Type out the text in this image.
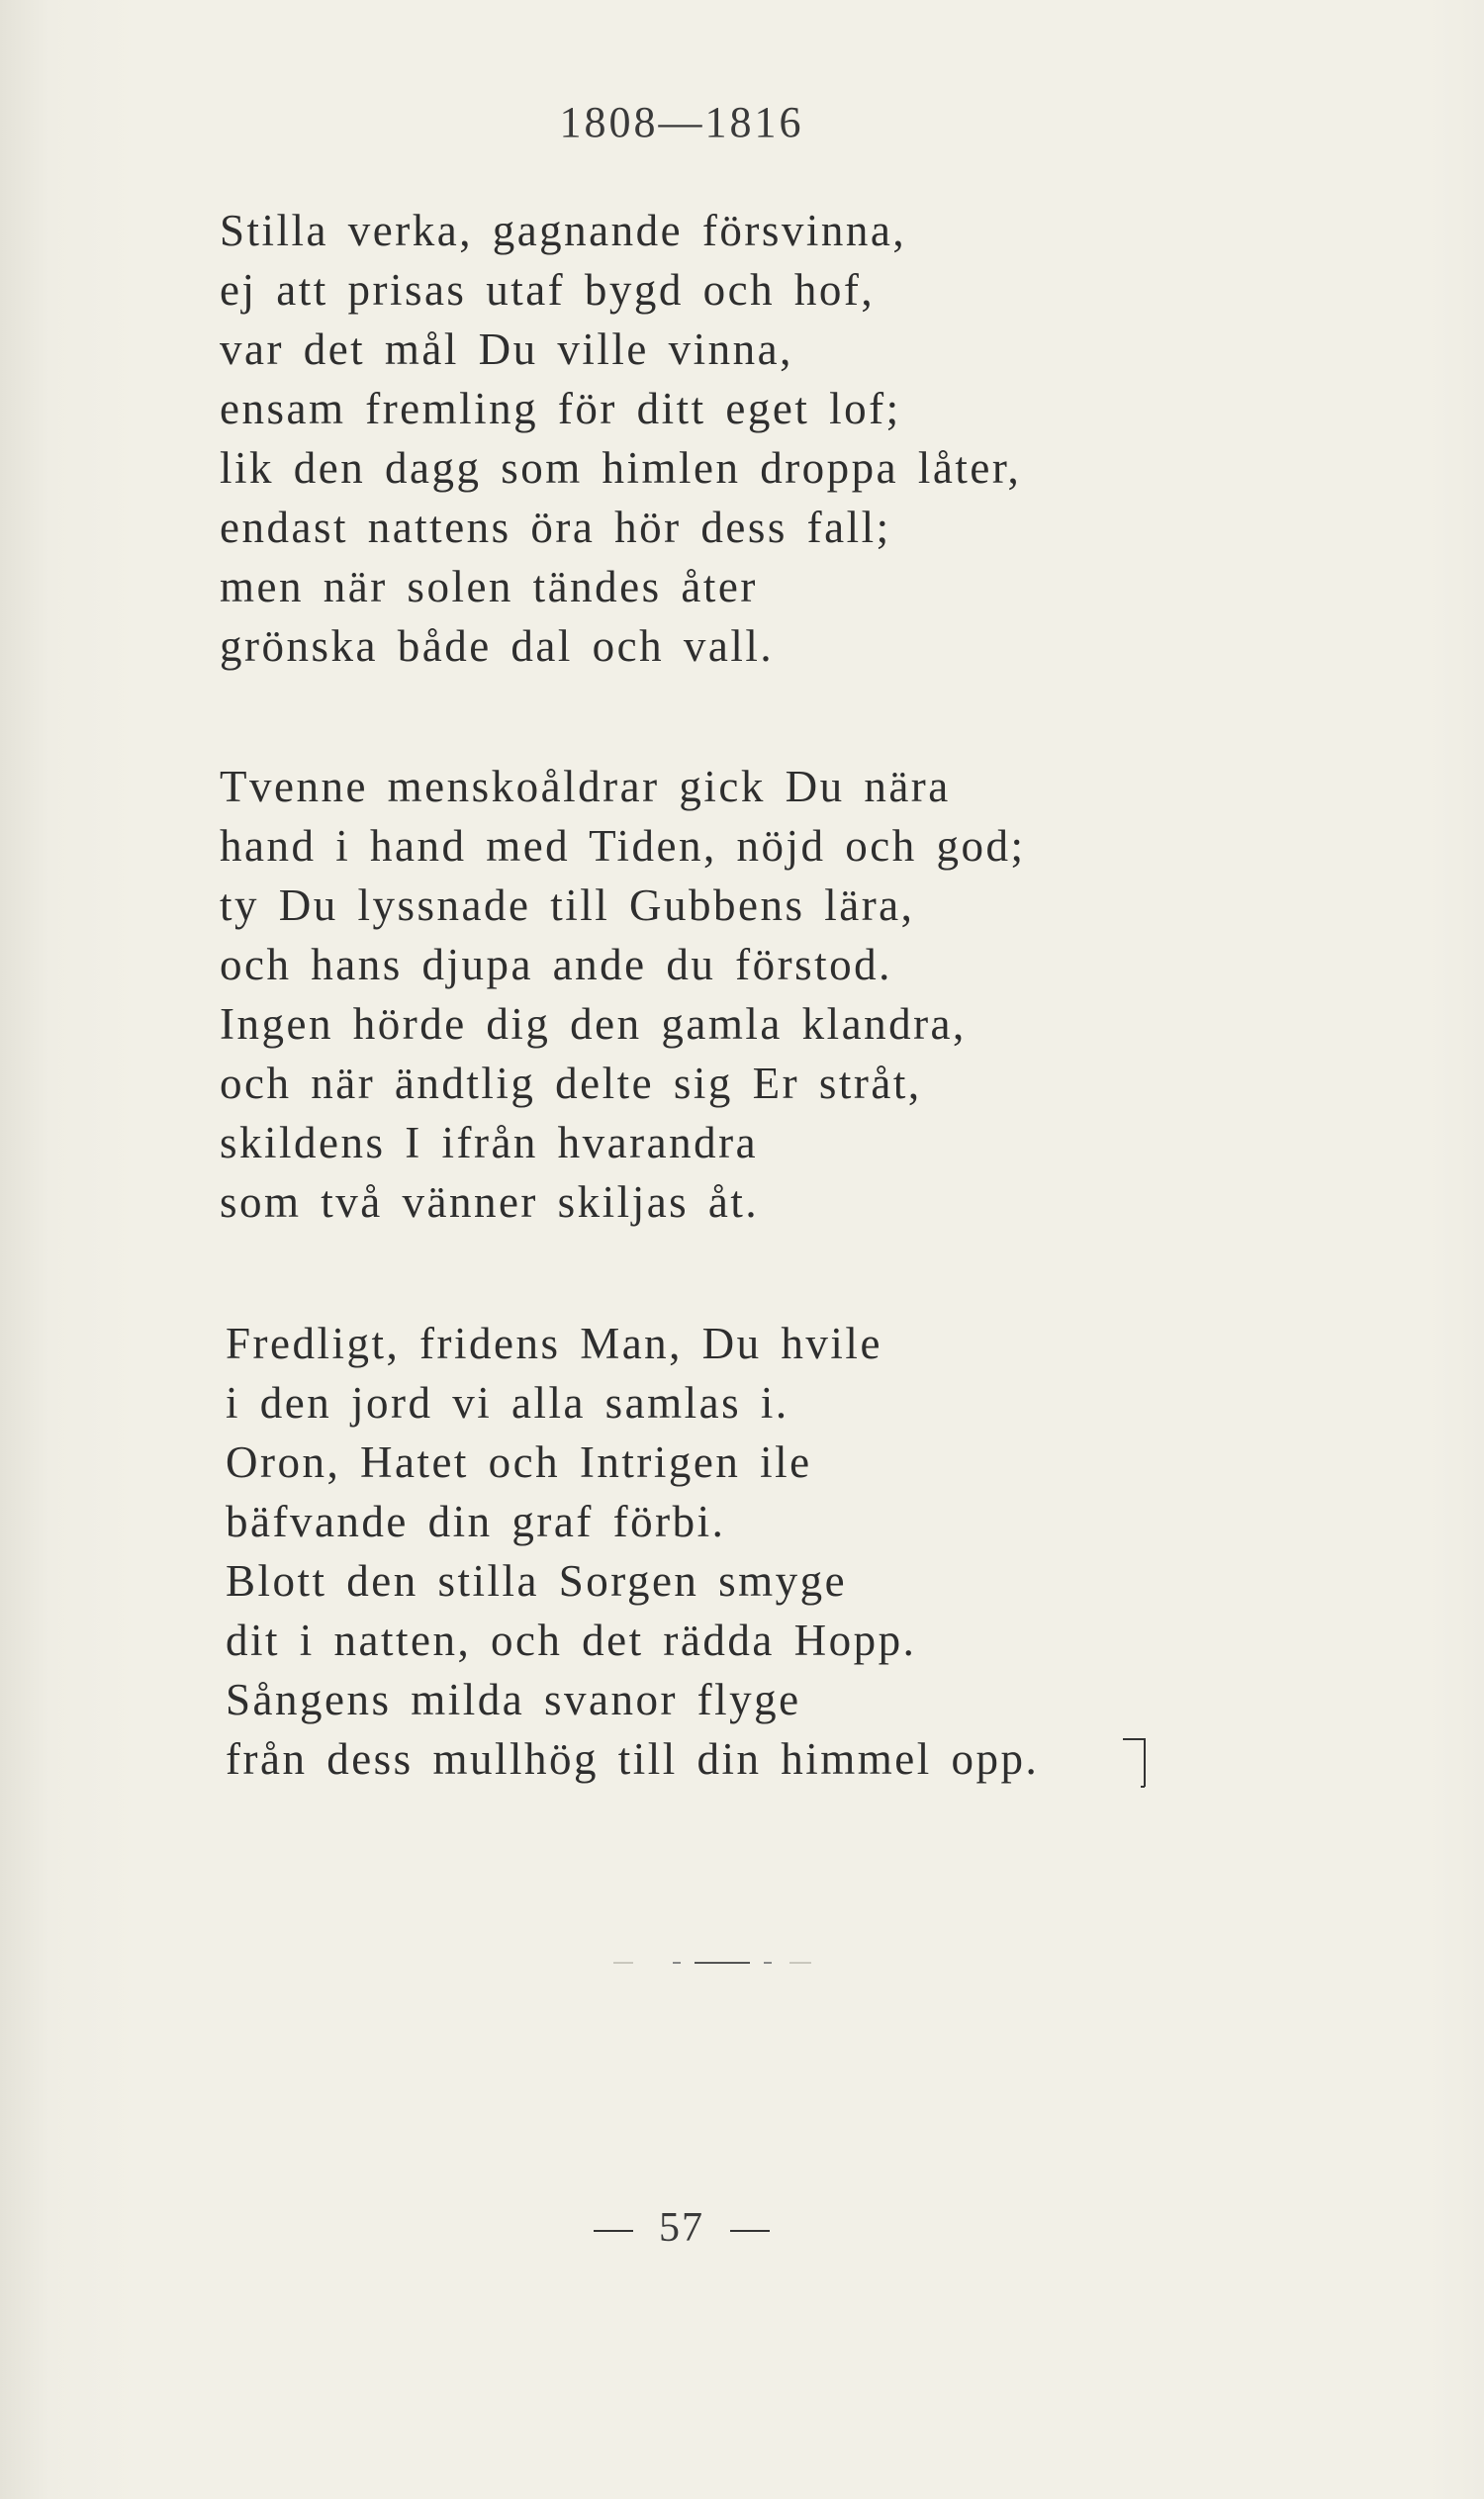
1808—1816
Stilla verka, gagnande försvinna,
ej att prisas utaf bygd och hof,
var det mål Du ville vinna,
ensam fremling för ditt eget lof;
lik den dagg som himlen droppa låter,
endast nattens öra hör dess fall;
men när solen tändes åter
grönska både dal och vall.
Tvenne menskoåldrar gick Du nära
hand i hand med Tiden, nöjd och god;
ty Du lyssnade till Gubbens lära,
och hans djupa ande du förstod.
Ingen hörde dig den gamla klandra,
och när ändtlig delte sig Er stråt,
skildens I ifrån hvarandra
som två vänner skiljas åt.
Fredligt, fridens Man, Du hvile
i den jord vi alla samlas i.
Oron, Hatet och Intrigen ile
bäfvande din graf förbi.
Blott den stilla Sorgen smyge
dit i natten, och det rädda Hopp.
Sångens milda svanor flyge
från dess mullhög till din himmel opp.
57
